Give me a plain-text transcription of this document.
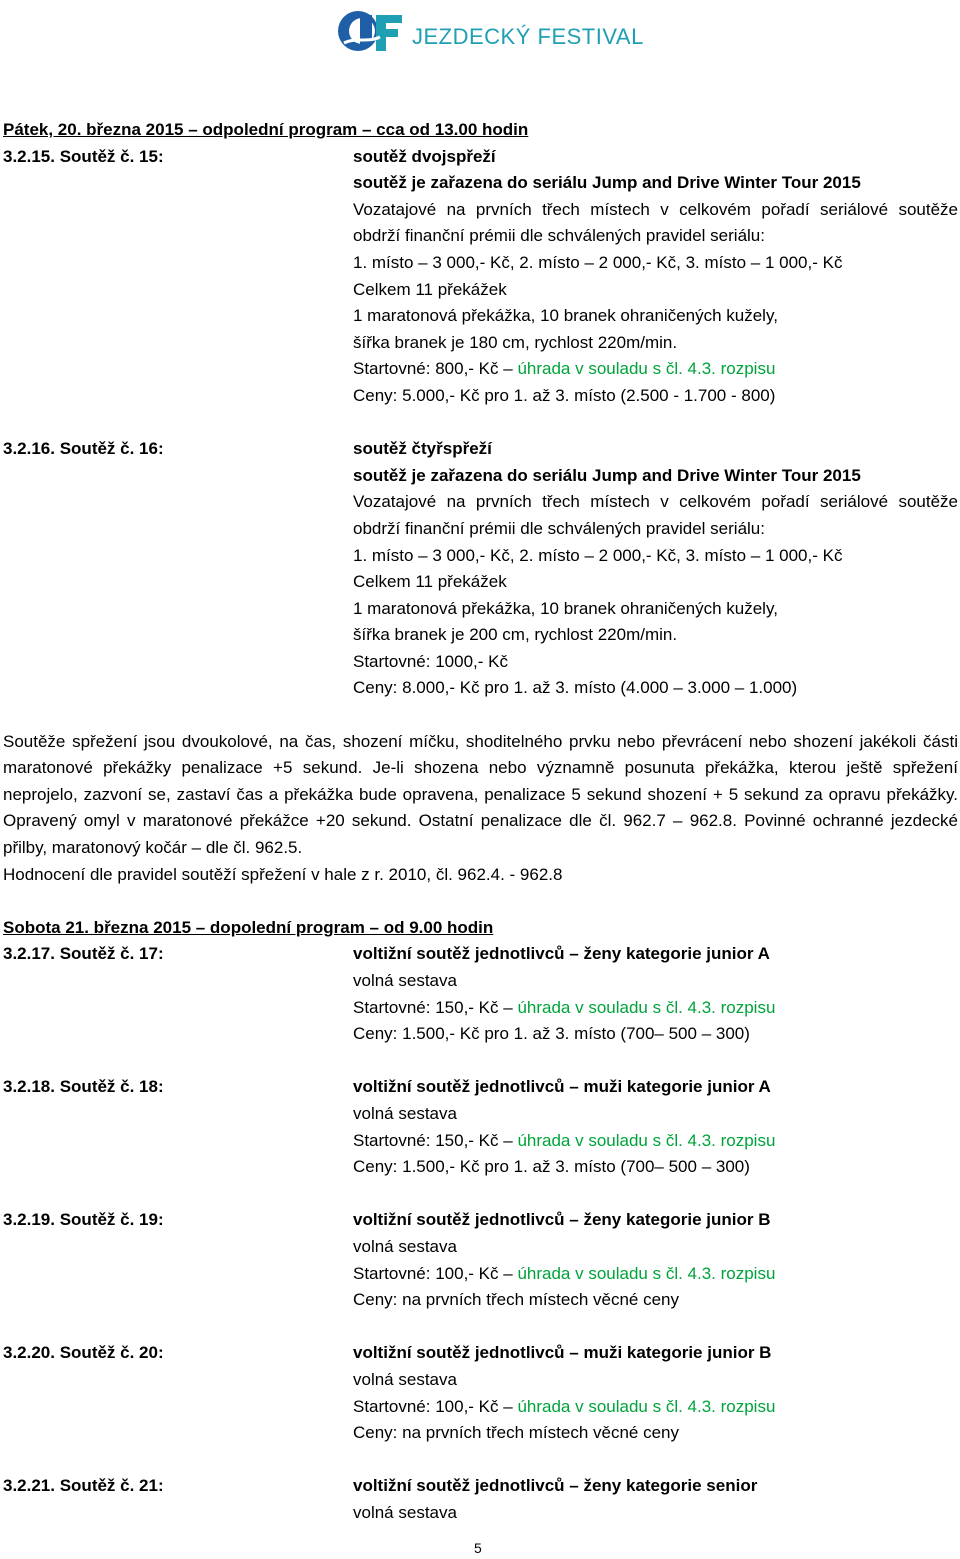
JEZDECKÝ FESTIVAL
Pátek, 20. března 2015 – odpolední program – cca od 13.00 hodin
3.2.15. Soutěž č. 15:	soutěž dvojspřeží
soutěž je zařazena do seriálu Jump and Drive Winter Tour 2015
Vozatajové na prvních třech místech v celkovém pořadí seriálové soutěže obdrží finanční prémii dle schválených pravidel seriálu:
1. místo – 3 000,- Kč, 2. místo – 2 000,- Kč, 3. místo – 1 000,- Kč
Celkem 11 překážek
1 maratonová překážka, 10 branek ohraničených kužely,
šířka branek je 180 cm, rychlost 220m/min.
Startovné: 800,- Kč – úhrada v souladu s čl. 4.3. rozpisu
Ceny: 5.000,- Kč pro 1. až 3. místo (2.500 - 1.700 - 800)
3.2.16. Soutěž č. 16:	soutěž čtyřspřeží
soutěž je zařazena do seriálu Jump and Drive Winter Tour 2015
Vozatajové na prvních třech místech v celkovém pořadí seriálové soutěže obdrží finanční prémii dle schválených pravidel seriálu:
1. místo – 3 000,- Kč, 2. místo – 2 000,- Kč, 3. místo – 1 000,- Kč
Celkem 11 překážek
1 maratonová překážka, 10 branek ohraničených kužely,
šířka branek je 200 cm, rychlost 220m/min.
Startovné: 1000,- Kč
Ceny: 8.000,- Kč pro 1. až 3. místo (4.000 – 3.000 – 1.000)
Soutěže spřežení jsou dvoukolové, na čas, shození míčku, shoditelného prvku nebo převrácení nebo shození jakékoli části maratonové překážky penalizace +5 sekund. Je-li shozena nebo významně posunuta překážka, kterou ještě spřežení neprojelo, zazvoní se, zastaví čas a překážka bude opravena, penalizace 5 sekund shození + 5 sekund za opravu překážky. Opravený omyl v maratonové překážce +20 sekund. Ostatní penalizace dle čl. 962.7 – 962.8. Povinné ochranné jezdecké přilby, maratonový kočár – dle čl. 962.5.
Hodnocení dle pravidel soutěží spřežení v hale z r. 2010, čl. 962.4. - 962.8
Sobota 21. března 2015 – dopolední program – od 9.00 hodin
3.2.17. Soutěž č. 17:	voltižní soutěž jednotlivců – ženy kategorie junior A
volná sestava
Startovné: 150,- Kč – úhrada v souladu s čl. 4.3. rozpisu
Ceny: 1.500,- Kč pro 1. až 3. místo (700– 500 – 300)
3.2.18. Soutěž č. 18:	voltižní soutěž jednotlivců – muži kategorie junior A
volná sestava
Startovné: 150,- Kč – úhrada v souladu s čl. 4.3. rozpisu
Ceny: 1.500,- Kč pro 1. až 3. místo (700– 500 – 300)
3.2.19. Soutěž č. 19:	voltižní soutěž jednotlivců – ženy kategorie junior B
volná sestava
Startovné: 100,- Kč – úhrada v souladu s čl. 4.3. rozpisu
Ceny: na prvních třech místech věcné ceny
3.2.20. Soutěž č. 20:	voltižní soutěž jednotlivců – muži kategorie junior B
volná sestava
Startovné: 100,- Kč – úhrada v souladu s čl. 4.3. rozpisu
Ceny: na prvních třech místech věcné ceny
3.2.21. Soutěž č. 21:	voltižní soutěž jednotlivců – ženy kategorie senior
volná sestava
5
